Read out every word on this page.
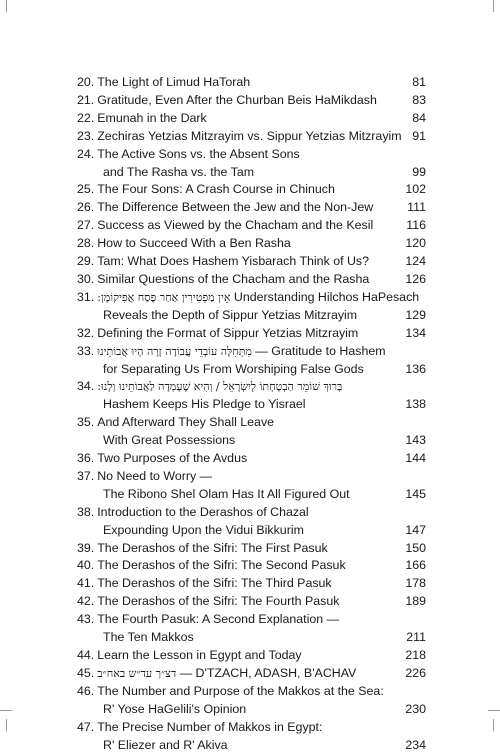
20. The Light of Limud HaTorah	81
21. Gratitude, Even After the Churban Beis HaMikdash	83
22. Emunah in the Dark	84
23. Zechiras Yetzias Mitzrayim vs. Sippur Yetzias Mitzrayim 91
24. The Active Sons vs. the Absent Sons
and The Rasha vs. the Tam	99
25. The Four Sons: A Crash Course in Chinuch	102
26. The Difference Between the Jew and the Non-Jew	111
27. Success as Viewed by the Chacham and the Kesil	116
28. How to Succeed With a Ben Rasha	120
29. Tam: What Does Hashem Yisbarach Think of Us?	124
30. Similar Questions of the Chacham and the Rasha	126
31. אֵין מַפְטִירִין אַחַר פֶּסַח אֲפִיקוֹמָן: Understanding Hilchos HaPesach
Reveals the Depth of Sippur Yetzias Mitzrayim	129
32. Defining the Format of Sippur Yetzias Mitzrayim	134
33. מִתְּחִלָּה עוֹבְדֵי עֲבוֹדָה זָרָה הָיוּ אֲבוֹתֵינוּ — Gratitude to Hashem
for Separating Us From Worshiping False Gods	136
34. בָּרוּךְ שׁוֹמֵר הַבְטָחָתוֹ לְיִשְׂרָאֵל / וְהִיא שֶׁעָמְדָה לַאֲבוֹתֵינוּ וְלָנוּ:
Hashem Keeps His Pledge to Yisrael	138
35. And Afterward They Shall Leave
With Great Possessions	143
36. Two Purposes of the Avdus	144
37. No Need to Worry —
The Ribono Shel Olam Has It All Figured Out	145
38. Introduction to the Derashos of Chazal
Expounding Upon the Vidui Bikkurim	147
39. The Derashos of the Sifri: The First Pasuk	150
40. The Derashos of the Sifri: The Second Pasuk	166
41. The Derashos of the Sifri: The Third Pasuk	178
42. The Derashos of the Sifri: The Fourth Pasuk	189
43. The Fourth Pasuk: A Second Explanation —
The Ten Makkos	211
44. Learn the Lesson in Egypt and Today	218
45. דצ״ך עד״ש באח״ב — D'TZACH, ADASH, B'ACHAV	226
46. The Number and Purpose of the Makkos at the Sea:
R' Yose HaGelili's Opinion	230
47. The Precise Number of Makkos in Egypt:
R' Eliezer and R' Akiva	234
